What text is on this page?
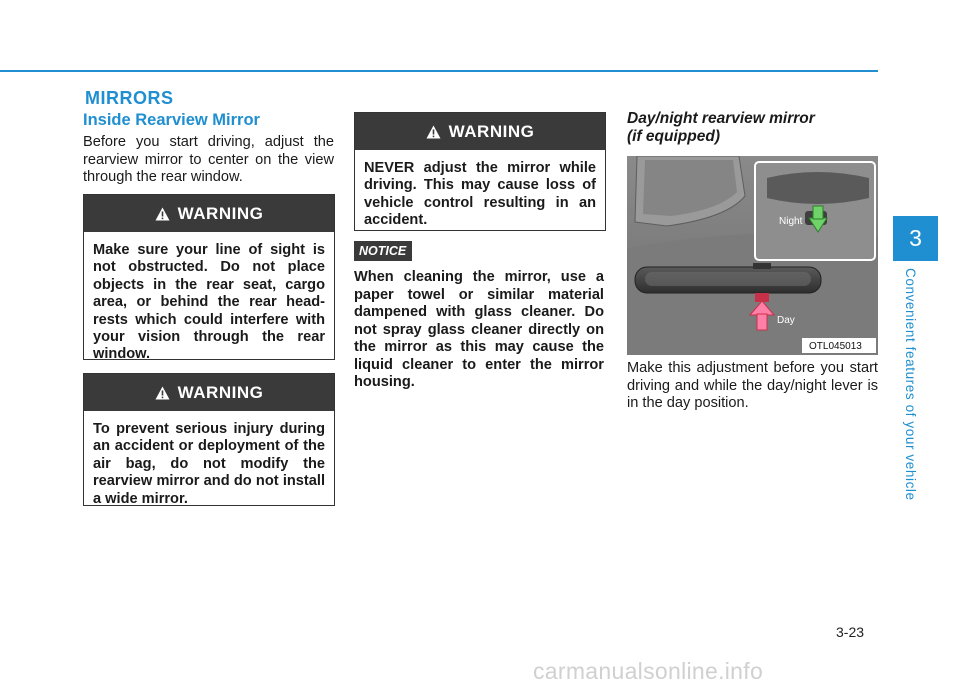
MIRRORS
Inside Rearview Mirror
Before you start driving, adjust the rearview mirror to center on the view through the rear window.
WARNING
Make sure your line of sight is not obstructed. Do not place objects in the rear seat, cargo area, or behind the rear head-rests which could interfere with your vision through the rear window.
WARNING
To prevent serious injury during an accident or deployment of the air bag, do not modify the rearview mirror and do not install a wide mirror.
WARNING
NEVER adjust the mirror while driving. This may cause loss of vehicle control resulting in an accident.
NOTICE
When cleaning the mirror, use a paper towel or similar material dampened with glass cleaner. Do not spray glass cleaner directly on the mirror as this may cause the liquid cleaner to enter the mirror housing.
Day/night rearview mirror
(if equipped)
Day
Night
OTL045013
Make this adjustment before you start driving and while the day/night lever is in the day position.
3
Convenient features of your vehicle
3-23
carmanualsonline.info
